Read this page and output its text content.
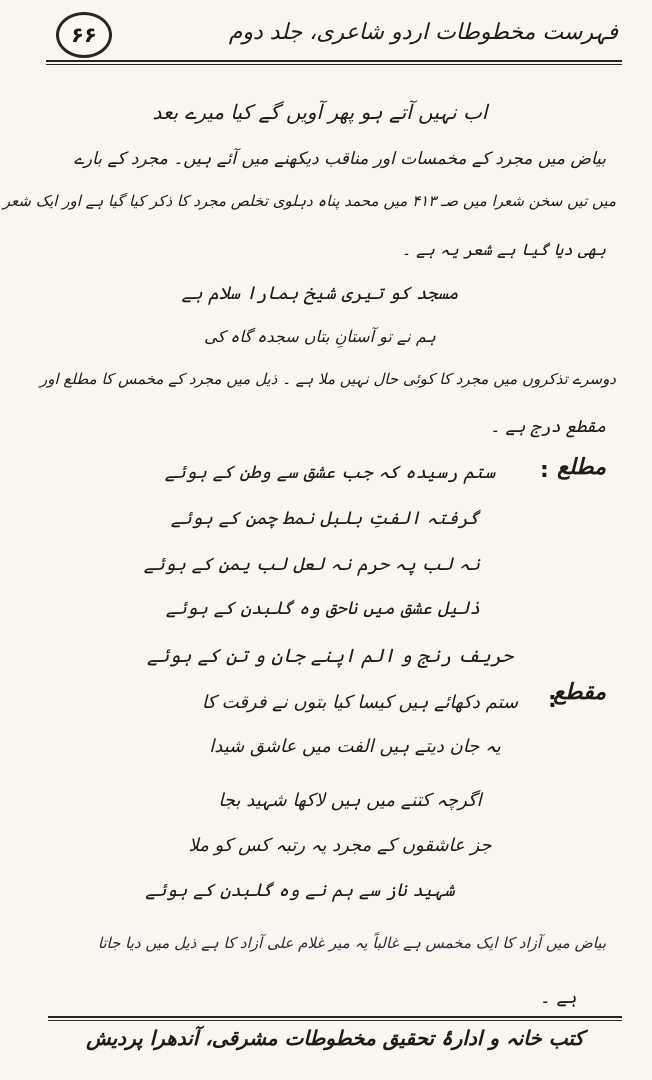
۶۶	فہرست مخطوطات اردو شاعری، جلد دوم
اب نہیں آتے ہو پھر آویں گے کیا میرے بعد
بیاض میں مجرد کے مخمسات اور مناقب دیکھنے میں آئے ہیں۔ مجرد کے بارے
میں تیں سخن شعرا میں صـ ۴۱۳ میں محمد پناہ دہلوی تخلص مجرد کا ذکر کیا گیا ہے اور ایک شعر
بھی دیا گیا ہے شعر یہ ہے ۔
مسجد کو تیری شیخ ہمارا سلام ہے
ہم نے تو آستانِ بتاں سجدہ گاہ کی
دوسرے تذکروں میں مجرد کا کوئی حال نہیں ملا ہے ۔ ذیل میں مجرد کے مخمس کا مطلع اور
مقطع درج ہے ۔
مطلع
:
ستم رسیدہ کہ جب عشق سے وطن کے ہوئے
گرفتہ الفتِ بلبل نمط چمن کے ہوئے
نہ لب پہ حرم نہ لعل لب یمن کے ہوئے
ذلیل عشق میں ناحق وہ گلبدن کے ہوئے
حریف رنج و الم اپنے جان و تن کے ہوئے
مقطع
:
ستم دکھائے ہیں کیسا کیا بتوں نے فرقت کا
یہ جان دیتے ہیں الفت میں عاشق شیدا
اگرچہ کتنے میں ہیں لاکھا شہید بجا
جز عاشقوں کے مجرد یہ رتبہ کس کو ملا
شہید ناز سے ہم نے وہ گلبدن کے ہوئے
بیاض میں آزاد کا ایک مخمس ہے غالباً یہ میر غلام علی آزاد کا ہے ذیل میں دیا جاتا
ہے ۔
کتب خانہ و ادارۂ تحقیق مخطوطات مشرقی، آندھرا پردیش
